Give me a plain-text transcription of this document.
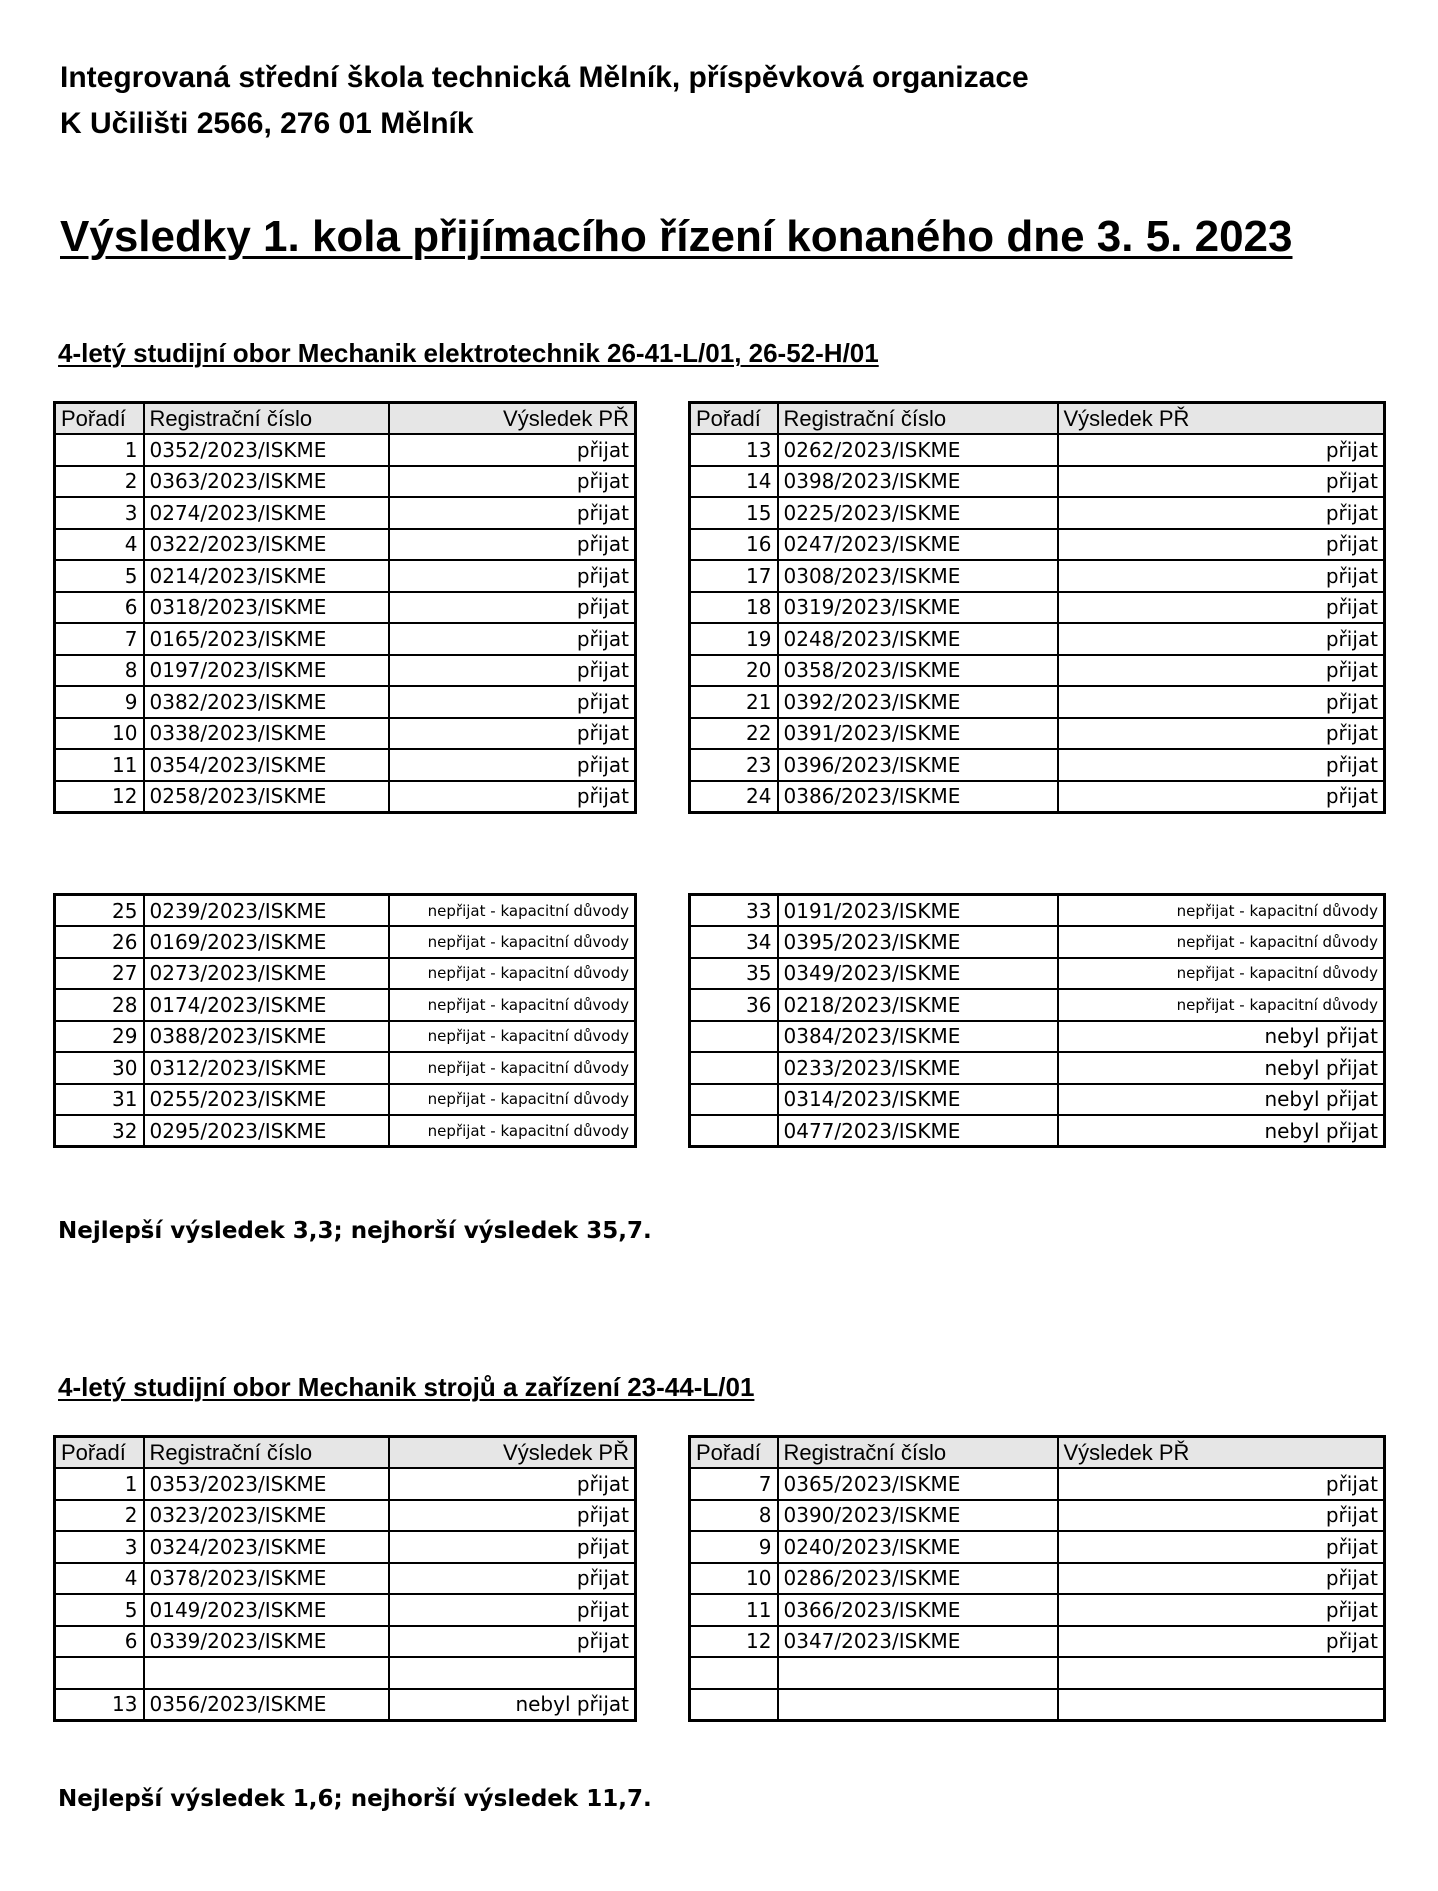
Integrovaná střední škola technická Mělník, příspěvková organizace
K Učilišti 2566, 276 01 Mělník
Výsledky 1. kola přijímacího řízení konaného dne 3. 5. 2023
4-letý studijní obor Mechanik elektrotechnik 26-41-L/01, 26-52-H/01
Pořadí	Registrační číslo	Výsledek PŘ
1	0352/2023/ISKME	přijat
2	0363/2023/ISKME	přijat
3	0274/2023/ISKME	přijat
4	0322/2023/ISKME	přijat
5	0214/2023/ISKME	přijat
6	0318/2023/ISKME	přijat
7	0165/2023/ISKME	přijat
8	0197/2023/ISKME	přijat
9	0382/2023/ISKME	přijat
10	0338/2023/ISKME	přijat
11	0354/2023/ISKME	přijat
12	0258/2023/ISKME	přijat
Pořadí	Registrační číslo	Výsledek PŘ
13	0262/2023/ISKME	přijat
14	0398/2023/ISKME	přijat
15	0225/2023/ISKME	přijat
16	0247/2023/ISKME	přijat
17	0308/2023/ISKME	přijat
18	0319/2023/ISKME	přijat
19	0248/2023/ISKME	přijat
20	0358/2023/ISKME	přijat
21	0392/2023/ISKME	přijat
22	0391/2023/ISKME	přijat
23	0396/2023/ISKME	přijat
24	0386/2023/ISKME	přijat
25	0239/2023/ISKME	nepřijat - kapacitní důvody
26	0169/2023/ISKME	nepřijat - kapacitní důvody
27	0273/2023/ISKME	nepřijat - kapacitní důvody
28	0174/2023/ISKME	nepřijat - kapacitní důvody
29	0388/2023/ISKME	nepřijat - kapacitní důvody
30	0312/2023/ISKME	nepřijat - kapacitní důvody
31	0255/2023/ISKME	nepřijat - kapacitní důvody
32	0295/2023/ISKME	nepřijat - kapacitní důvody
33	0191/2023/ISKME	nepřijat - kapacitní důvody
34	0395/2023/ISKME	nepřijat - kapacitní důvody
35	0349/2023/ISKME	nepřijat - kapacitní důvody
36	0218/2023/ISKME	nepřijat - kapacitní důvody
	0384/2023/ISKME	nebyl přijat
	0233/2023/ISKME	nebyl přijat
	0314/2023/ISKME	nebyl přijat
	0477/2023/ISKME	nebyl přijat
Nejlepší výsledek 3,3; nejhorší výsledek 35,7.
4-letý studijní obor Mechanik strojů a zařízení 23-44-L/01
Pořadí	Registrační číslo	Výsledek PŘ
1	0353/2023/ISKME	přijat
2	0323/2023/ISKME	přijat
3	0324/2023/ISKME	přijat
4	0378/2023/ISKME	přijat
5	0149/2023/ISKME	přijat
6	0339/2023/ISKME	přijat

13	0356/2023/ISKME	nebyl přijat
Pořadí	Registrační číslo	Výsledek PŘ
7	0365/2023/ISKME	přijat
8	0390/2023/ISKME	přijat
9	0240/2023/ISKME	přijat
10	0286/2023/ISKME	přijat
11	0366/2023/ISKME	přijat
12	0347/2023/ISKME	přijat

Nejlepší výsledek 1,6; nejhorší výsledek 11,7.
